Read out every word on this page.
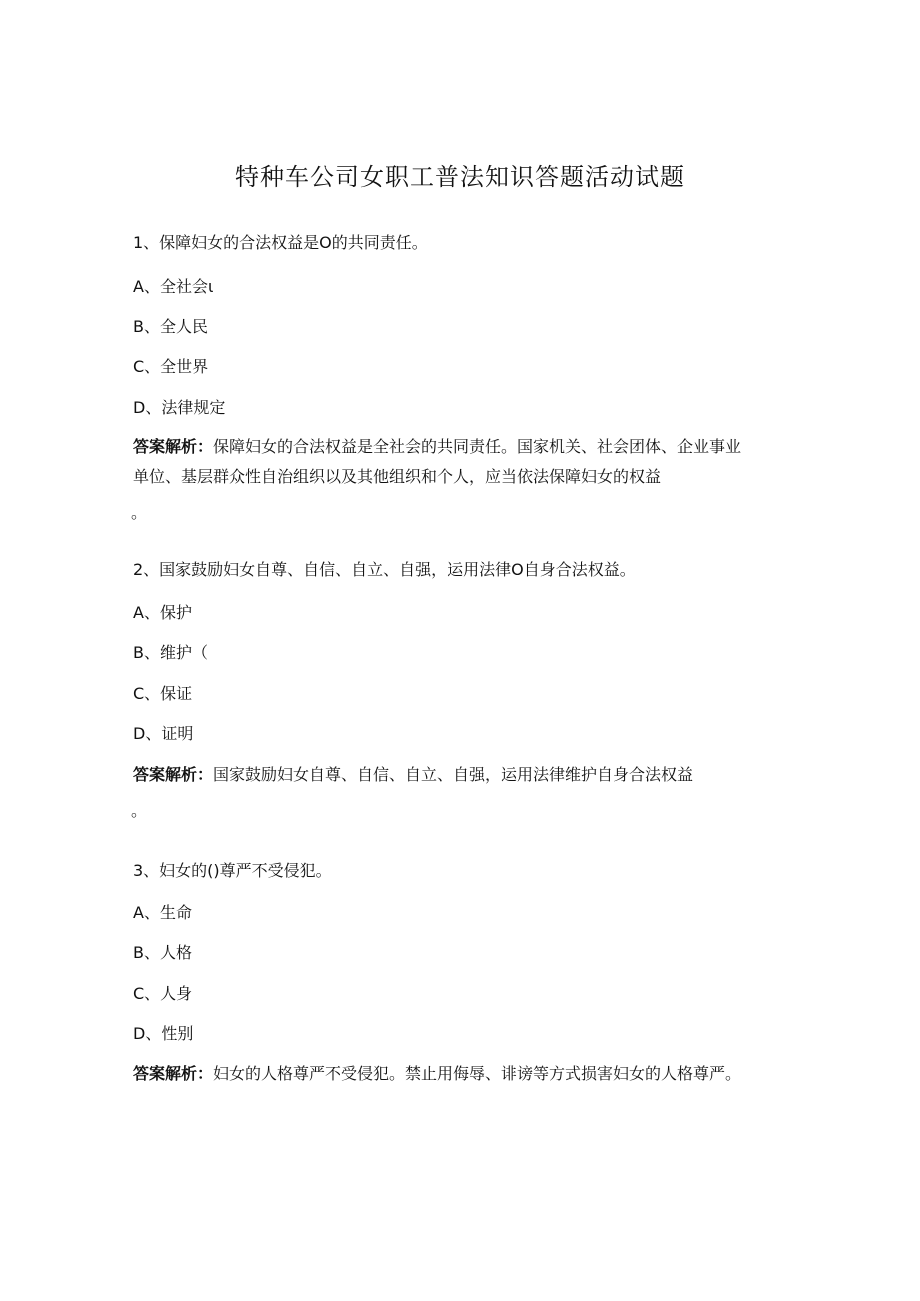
特种车公司女职工普法知识答题活动试题
1、保障妇女的合法权益是O的共同责任。
A、全社会ι
B、全人民
C、全世界
D、法律规定
答案解析：保障妇女的合法权益是全社会的共同责任。国家机关、社会团体、企业事业
单位、基层群众性自治组织以及其他组织和个人，应当依法保障妇女的权益
。
2、国家鼓励妇女自尊、自信、自立、自强，运用法律O自身合法权益。
A、保护
B、维护（
C、保证
D、证明
答案解析：国家鼓励妇女自尊、自信、自立、自强，运用法律维护自身合法权益
。
3、妇女的()尊严不受侵犯。
A、生命
B、人格
C、人身
D、性别
答案解析：妇女的人格尊严不受侵犯。禁止用侮辱、诽谤等方式损害妇女的人格尊严。
